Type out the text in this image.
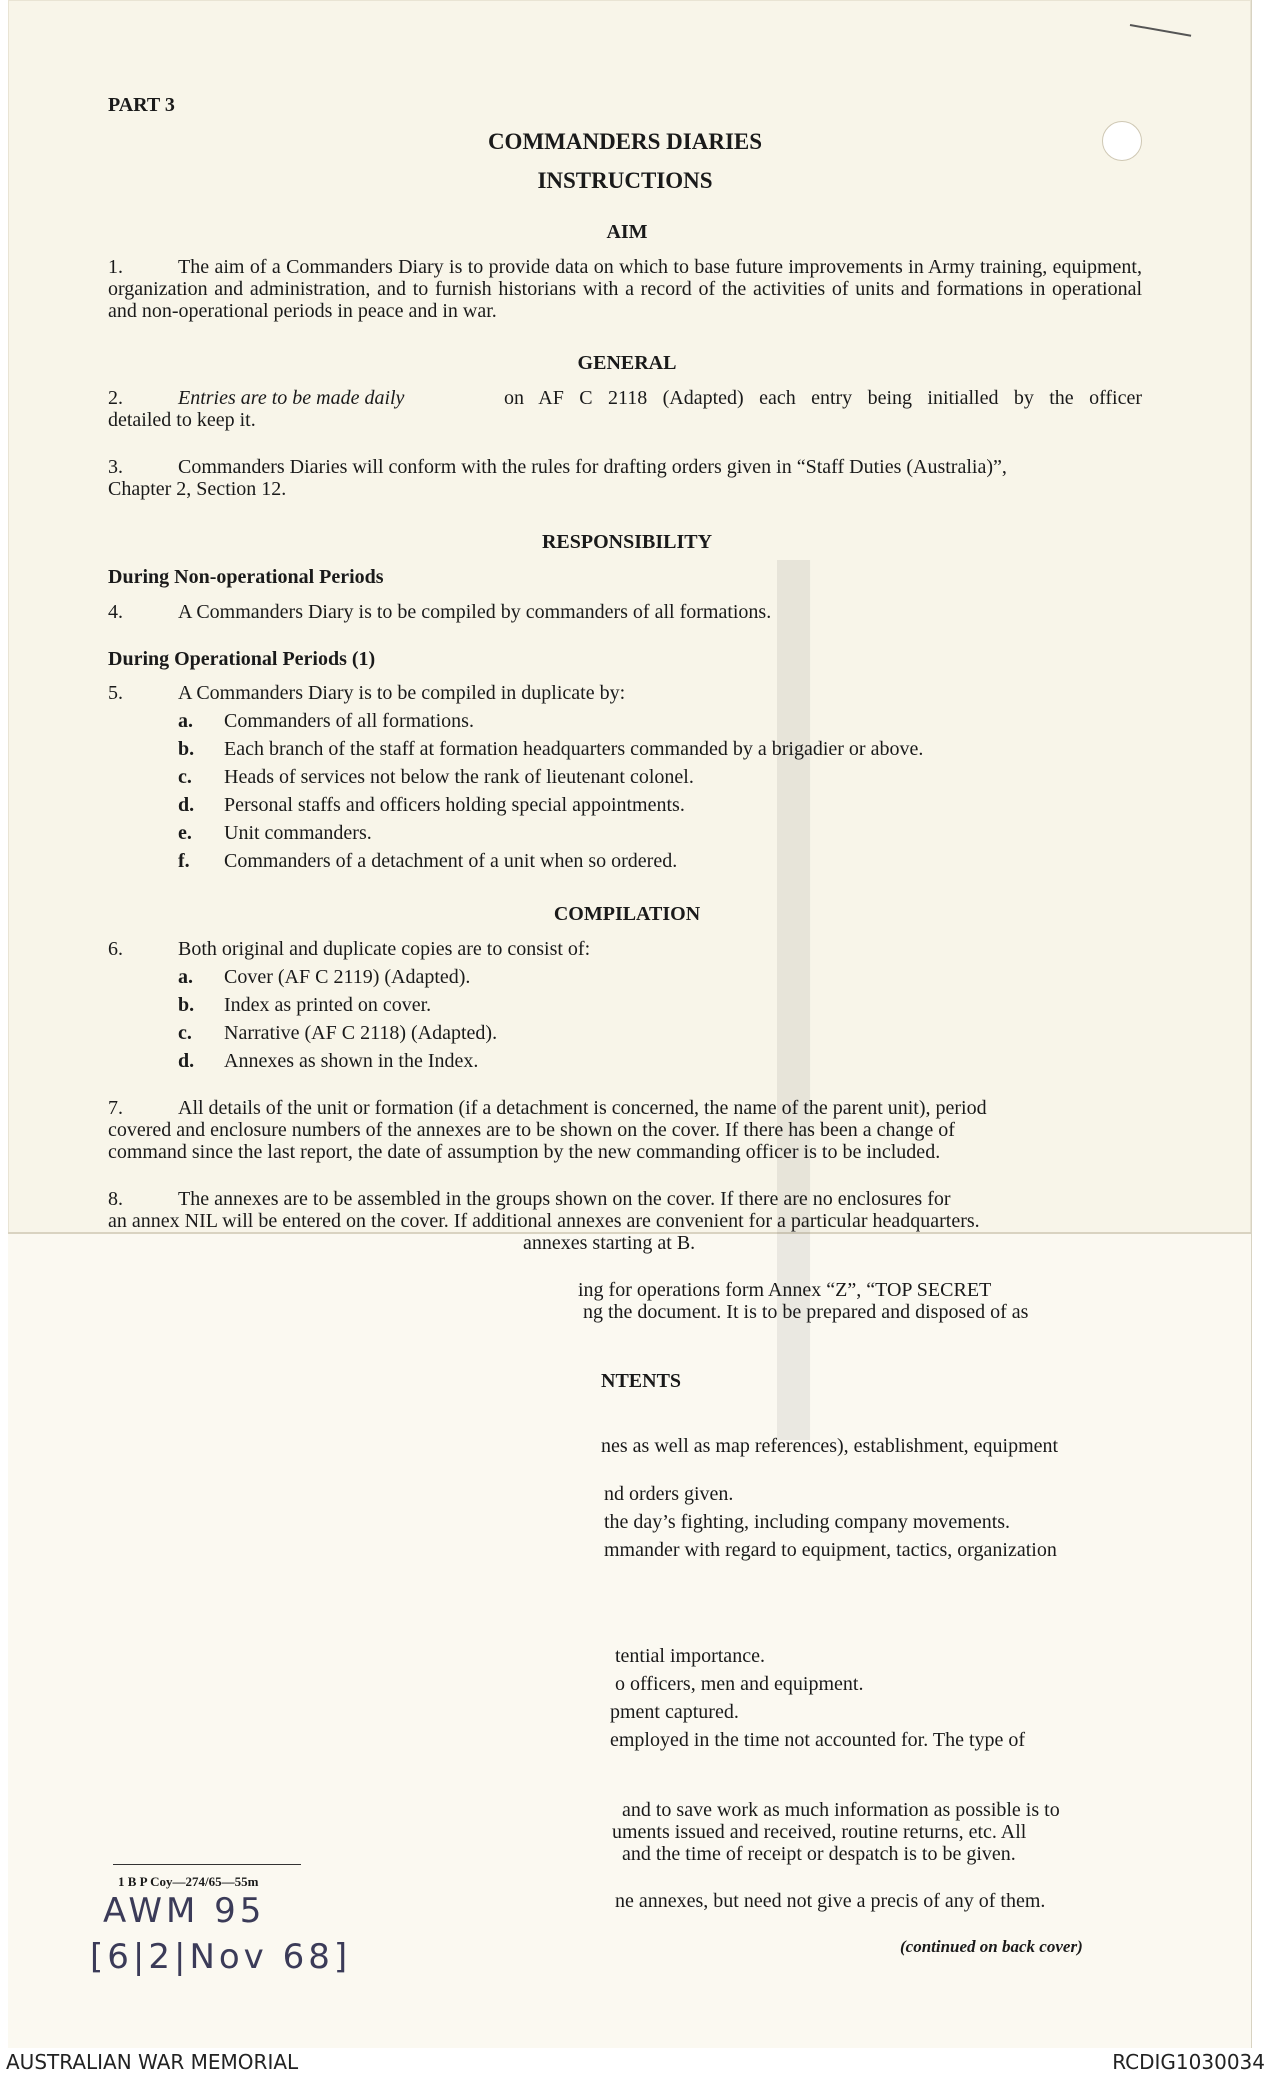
▬▬▬▬▬▬▬▬
PART 3
COMMANDERS DIARIES
INSTRUCTIONS
AIM
1.	The aim of a Commanders Diary is to provide data on which to base future improvements in Army training, equipment, organization and administration, and to furnish historians with a record of the activities of units and formations in operational and non-operational periods in peace and in war.
GENERAL
2.	Entries are to be made daily	on AF C 2118 (Adapted) each entry being initialled by the officer
detailed to keep it.
3.	Commanders Diaries will conform with the rules for drafting orders given in “Staff Duties (Australia)”,
Chapter 2, Section 12.
RESPONSIBILITY
During Non-operational Periods
4.	A Commanders Diary is to be compiled by commanders of all formations.
During Operational Periods (1)
5.	A Commanders Diary is to be compiled in duplicate by:
a. Commanders of all formations.
b. Each branch of the staff at formation headquarters commanded by a brigadier or above.
c. Heads of services not below the rank of lieutenant colonel.
d. Personal staffs and officers holding special appointments.
e. Unit commanders.
f. Commanders of a detachment of a unit when so ordered.
COMPILATION
6.	Both original and duplicate copies are to consist of:
a. Cover (AF C 2119) (Adapted).
b. Index as printed on cover.
c. Narrative (AF C 2118) (Adapted).
d. Annexes as shown in the Index.
7.	All details of the unit or formation (if a detachment is concerned, the name of the parent unit), period
covered and enclosure numbers of the annexes are to be shown on the cover. If there has been a change of
command since the last report, the date of assumption by the new commanding officer is to be included.
8.	The annexes are to be assembled in the groups shown on the cover. If there are no enclosures for
an annex NIL will be entered on the cover. If additional annexes are convenient for a particular headquarters.
annexes starting at B.
ing for operations form Annex “Z”, “TOP SECRET
ng the document. It is to be prepared and disposed of as
NTENTS
nes as well as map references), establishment, equipment
nd orders given.
the day’s fighting, including company movements.
mmander with regard to equipment, tactics, organization
tential importance.
o officers, men and equipment.
pment captured.
employed in the time not accounted for. The type of
and to save work as much information as possible is to
uments issued and received, routine returns, etc. All
and the time of receipt or despatch is to be given.
ne annexes, but need not give a precis of any of them.
(continued on back cover)
1 B P Coy—274/65—55m
AWM 95
[6|2|Nov 68]
AUSTRALIAN WAR MEMORIAL	RCDIG1030034
